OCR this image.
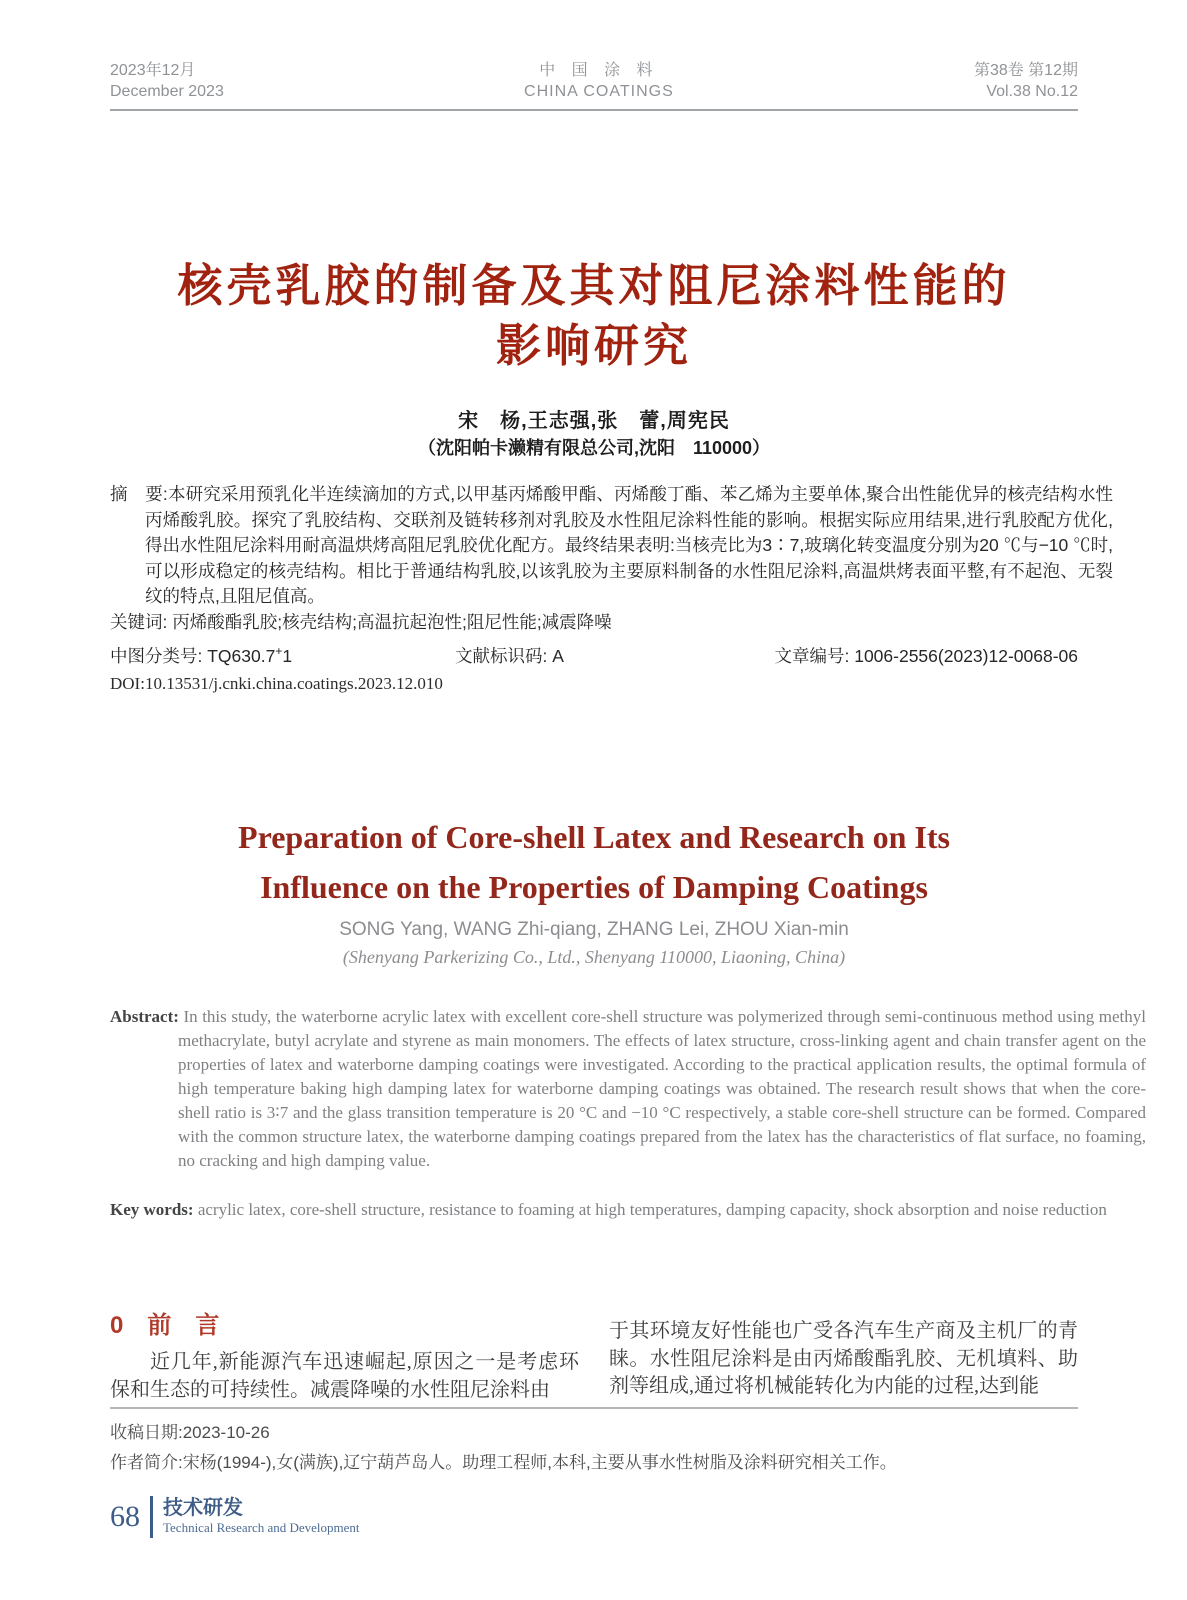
2023年12月
December 2023
中 国 涂 料
CHINA COATINGS
第38卷 第12期
Vol.38 No.12
核壳乳胶的制备及其对阻尼涂料性能的
影响研究
宋　杨,王志强,张　蕾,周宪民
（沈阳帕卡濑精有限总公司,沈阳　110000）

摘　要:本研究采用预乳化半连续滴加的方式,以甲基丙烯酸甲酯、丙烯酸丁酯、苯乙烯为主要单体,聚合出性能优异的核壳结构水性丙烯酸乳胶。探究了乳胶结构、交联剂及链转移剂对乳胶及水性阻尼涂料性能的影响。根据实际应用结果,进行乳胶配方优化,得出水性阻尼涂料用耐高温烘烤高阻尼乳胶优化配方。最终结果表明:当核壳比为3∶7,玻璃化转变温度分别为20 ℃与−10 ℃时,可以形成稳定的核壳结构。相比于普通结构乳胶,以该乳胶为主要原料制备的水性阻尼涂料,高温烘烤表面平整,有不起泡、无裂纹的特点,且阻尼值高。

关键词: 丙烯酸酯乳胶;核壳结构;高温抗起泡性;阻尼性能;减震降噪

中图分类号: TQ630.7+1	文献标识码: A	文章编号: 1006-2556(2023)12-0068-06
DOI:10.13531/j.cnki.china.coatings.2023.12.010
Preparation of Core-shell Latex and Research on Its
Influence on the Properties of Damping Coatings
SONG Yang, WANG Zhi-qiang, ZHANG Lei, ZHOU Xian-min
(Shenyang Parkerizing Co., Ltd., Shenyang 110000, Liaoning, China)

Abstract: In this study, the waterborne acrylic latex with excellent core-shell structure was polymerized through semi-continuous method using methyl methacrylate, butyl acrylate and styrene as main monomers. The effects of latex structure, cross-linking agent and chain transfer agent on the properties of latex and waterborne damping coatings were investigated. According to the practical application results, the optimal formula of high temperature baking high damping latex for waterborne damping coatings was obtained. The research result shows that when the core-shell ratio is 3∶7 and the glass transition temperature is 20 °C and −10 °C respectively, a stable core-shell structure can be formed. Compared with the common structure latex, the waterborne damping coatings prepared from the latex has the characteristics of flat surface, no foaming, no cracking and high damping value.

Key words: acrylic latex, core-shell structure, resistance to foaming at high temperatures, damping capacity, shock absorption and noise reduction

0　前　言

近几年,新能源汽车迅速崛起,原因之一是考虑环保和生态的可持续性。减震降噪的水性阻尼涂料由

于其环境友好性能也广受各汽车生产商及主机厂的青睐。水性阻尼涂料是由丙烯酸酯乳胶、无机填料、助剂等组成,通过将机械能转化为内能的过程,达到能

收稿日期:2023-10-26
作者简介:宋杨(1994-),女(满族),辽宁葫芦岛人。助理工程师,本科,主要从事水性树脂及涂料研究相关工作。
68 技术研发
Technical Research and Development
